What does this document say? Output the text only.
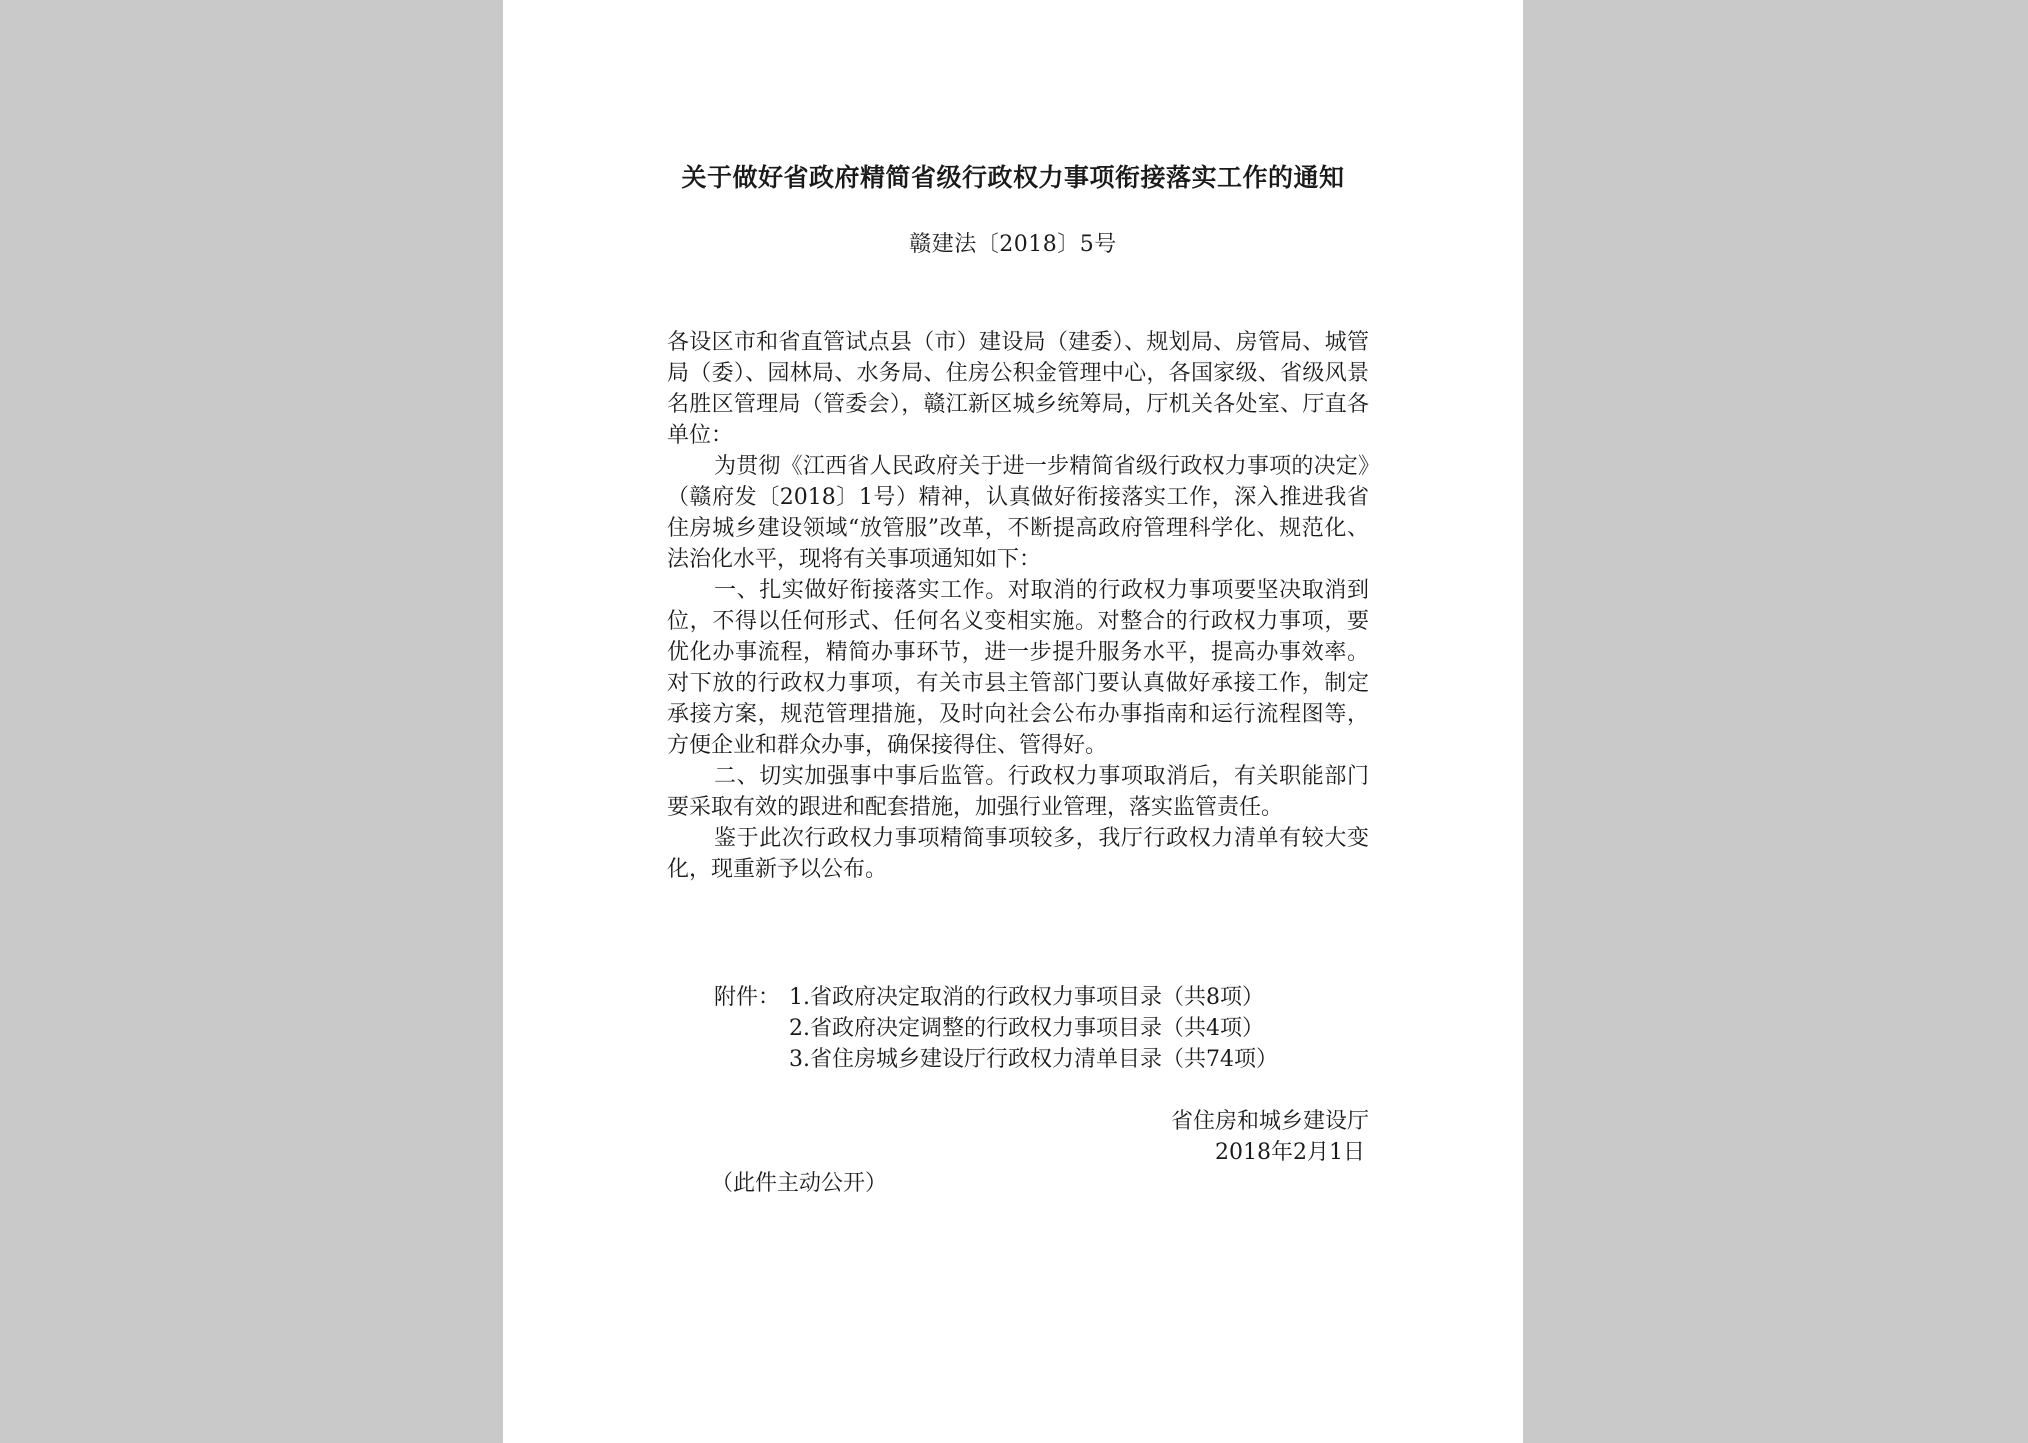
关于做好省政府精简省级行政权力事项衔接落实工作的通知
赣建法〔2018〕5号

各设区市和省直管试点县（市）建设局（建委）、规划局、房管局、城管局（委）、园林局、水务局、住房公积金管理中心，各国家级、省级风景名胜区管理局（管委会），赣江新区城乡统筹局，厅机关各处室、厅直各单位：

为贯彻《江西省人民政府关于进一步精简省级行政权力事项的决定》（赣府发〔2018〕1号）精神，认真做好衔接落实工作，深入推进我省住房城乡建设领域“放管服”改革，不断提高政府管理科学化、规范化、法治化水平，现将有关事项通知如下：

一、扎实做好衔接落实工作。对取消的行政权力事项要坚决取消到位，不得以任何形式、任何名义变相实施。对整合的行政权力事项，要优化办事流程，精简办事环节，进一步提升服务水平，提高办事效率。对下放的行政权力事项，有关市县主管部门要认真做好承接工作，制定承接方案，规范管理措施，及时向社会公布办事指南和运行流程图等，方便企业和群众办事，确保接得住、管得好。

二、切实加强事中事后监管。行政权力事项取消后，有关职能部门要采取有效的跟进和配套措施，加强行业管理，落实监管责任。

鉴于此次行政权力事项精简事项较多，我厅行政权力清单有较大变化，现重新予以公布。

附件： 1.省政府决定取消的行政权力事项目录（共8项）
2.省政府决定调整的行政权力事项目录（共4项）
3.省住房城乡建设厅行政权力清单目录（共74项）
省住房和城乡建设厅
2018年2月1日
（此件主动公开）
